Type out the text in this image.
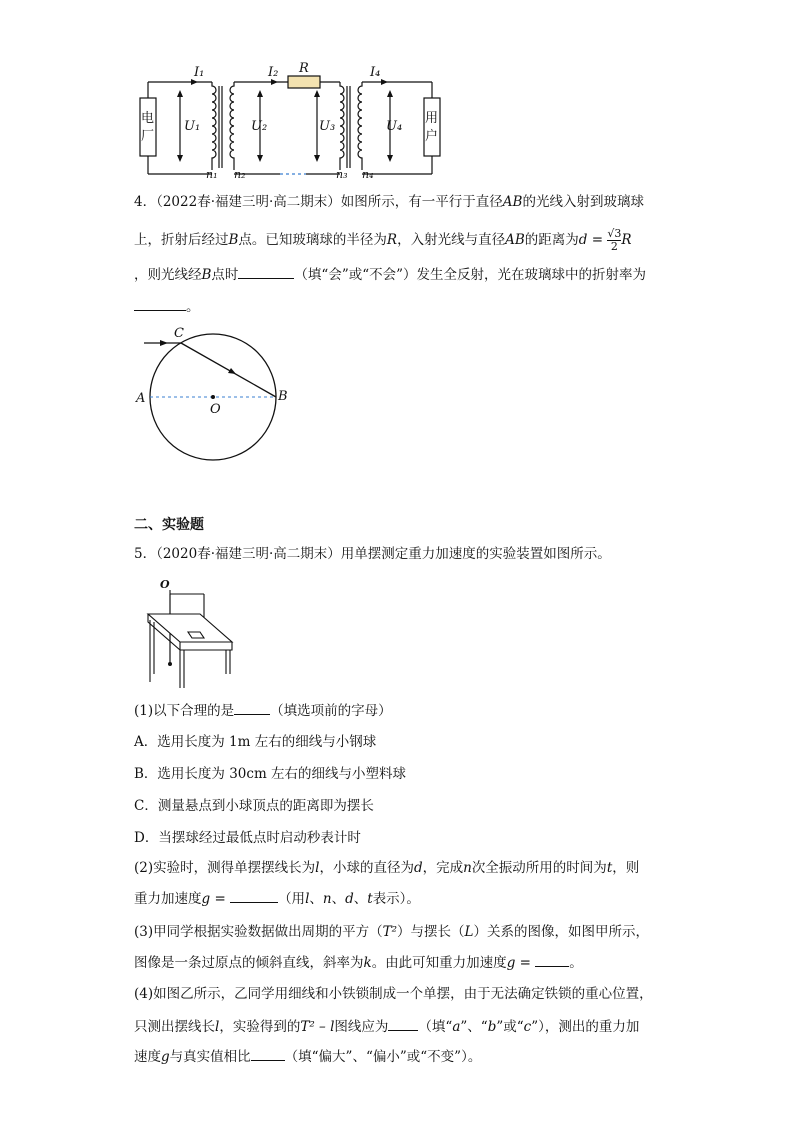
I₁	I₂ R	I₄
U₁	U₂	U₃	U₄
n₁ n₂	n₃ n₄
电
厂
用
户
4．（2022春·福建三明·高二期末）如图所示，有一平行于直径AB的光线入射到玻璃球
上，折射后经过B点。已知玻璃球的半径为R，入射光线与直径AB的距离为$d = \frac{√3}{2}$ R
，则光线经B点时	（填“会”或“不会”）发生全反射，光在玻璃球中的折射率为
。
C
A	B
O
二、实验题
5．（2020春·福建三明·高二期末）用单摆测定重力加速度的实验装置如图所示。
O
(1)以下合理的是	（填选项前的字母）
A．选用长度为 1m 左右的细线与小钢球
B．选用长度为 30cm 左右的细线与小塑料球
C．测量悬点到小球顶点的距离即为摆长
D．当摆球经过最低点时启动秒表计时
(2)实验时，测得单摆摆线长为l，小球的直径为d，完成n次全振动所用的时间为t，则
重力加速度g =	（用l、n、d、t表示）。
(3)甲同学根据实验数据做出周期的平方（T²）与摆长（L）关系的图像，如图甲所示，
图像是一条过原点的倾斜直线，斜率为k。由此可知重力加速度g =	。
(4)如图乙所示，乙同学用细线和小铁锁制成一个单摆，由于无法确定铁锁的重心位置，
只测出摆线长l，实验得到的T² – l图线应为 （填“a”、“b”或“c”），测出的重力加
速度g与真实值相比	（填“偏大”、“偏小”或“不变”）。
